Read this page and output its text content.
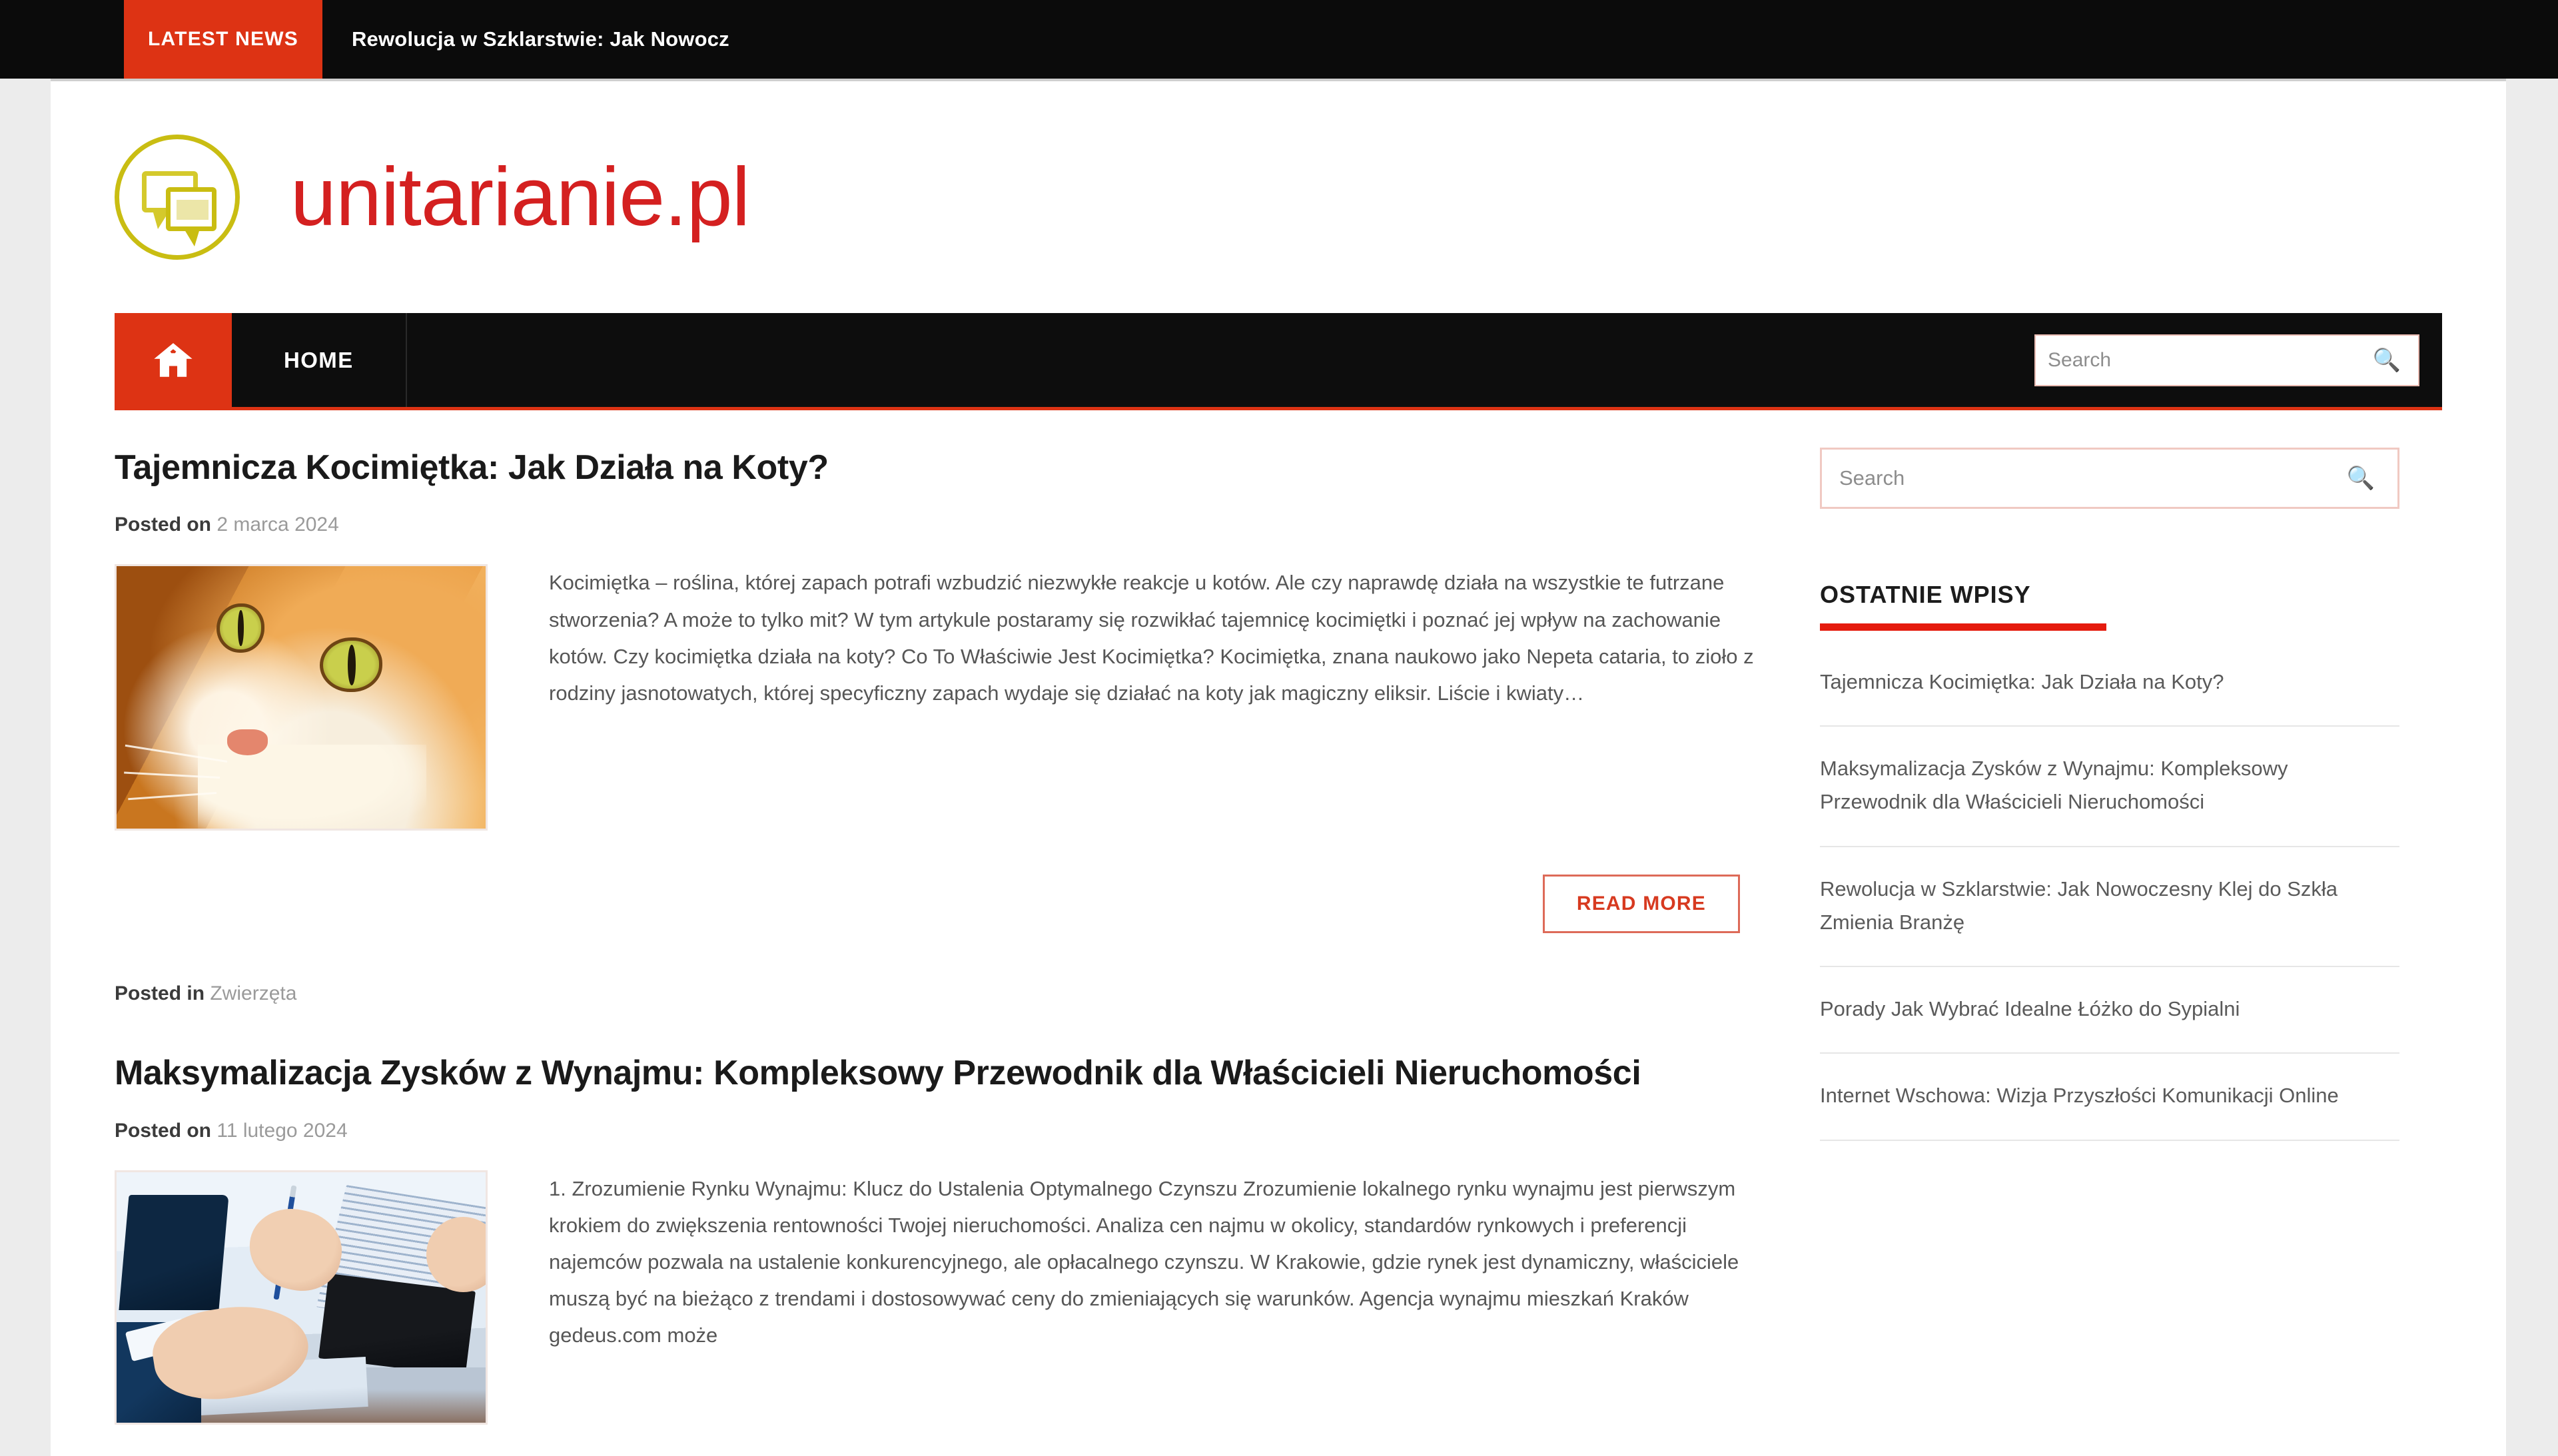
LATEST NEWS	Rewolucja w Szklarstwie: Jak Nowocz
unitarianie.pl
HOME
Search	🔍
Tajemnicza Kocimiętka: Jak Działa na Koty?
Posted on 2 marca 2024
Kocimiętka – roślina, której zapach potrafi wzbudzić niezwykłe reakcje u kotów. Ale czy naprawdę działa na wszystkie te futrzane stworzenia? A może to tylko mit? W tym artykule postaramy się rozwikłać tajemnicę kocimiętki i poznać jej wpływ na zachowanie kotów. Czy kocimiętka działa na koty? Co To Właściwie Jest Kocimiętka? Kocimiętka, znana naukowo jako Nepeta cataria, to zioło z rodziny jasnotowatych, której specyficzny zapach wydaje się działać na koty jak magiczny eliksir. Liście i kwiaty…
READ MORE
Posted in Zwierzęta
Maksymalizacja Zysków z Wynajmu: Kompleksowy Przewodnik dla Właścicieli Nieruchomości
Posted on 11 lutego 2024
1. Zrozumienie Rynku Wynajmu: Klucz do Ustalenia Optymalnego Czynszu Zrozumienie lokalnego rynku wynajmu jest pierwszym krokiem do zwiększenia rentowności Twojej nieruchomości. Analiza cen najmu w okolicy, standardów rynkowych i preferencji najemców pozwala na ustalenie konkurencyjnego, ale opłacalnego czynszu. W Krakowie, gdzie rynek jest dynamiczny, właściciele muszą być na bieżąco z trendami i dostosowywać ceny do zmieniających się warunków. Agencja wynajmu mieszkań Kraków gedeus.com może
Search
🔍
OSTATNIE WPISY
Tajemnicza Kocimiętka: Jak Działa na Koty?
Maksymalizacja Zysków z Wynajmu: Kompleksowy Przewodnik dla Właścicieli Nieruchomości
Rewolucja w Szklarstwie: Jak Nowoczesny Klej do Szkła Zmienia Branżę
Porady Jak Wybrać Idealne Łóżko do Sypialni
Internet Wschowa: Wizja Przyszłości Komunikacji Online
